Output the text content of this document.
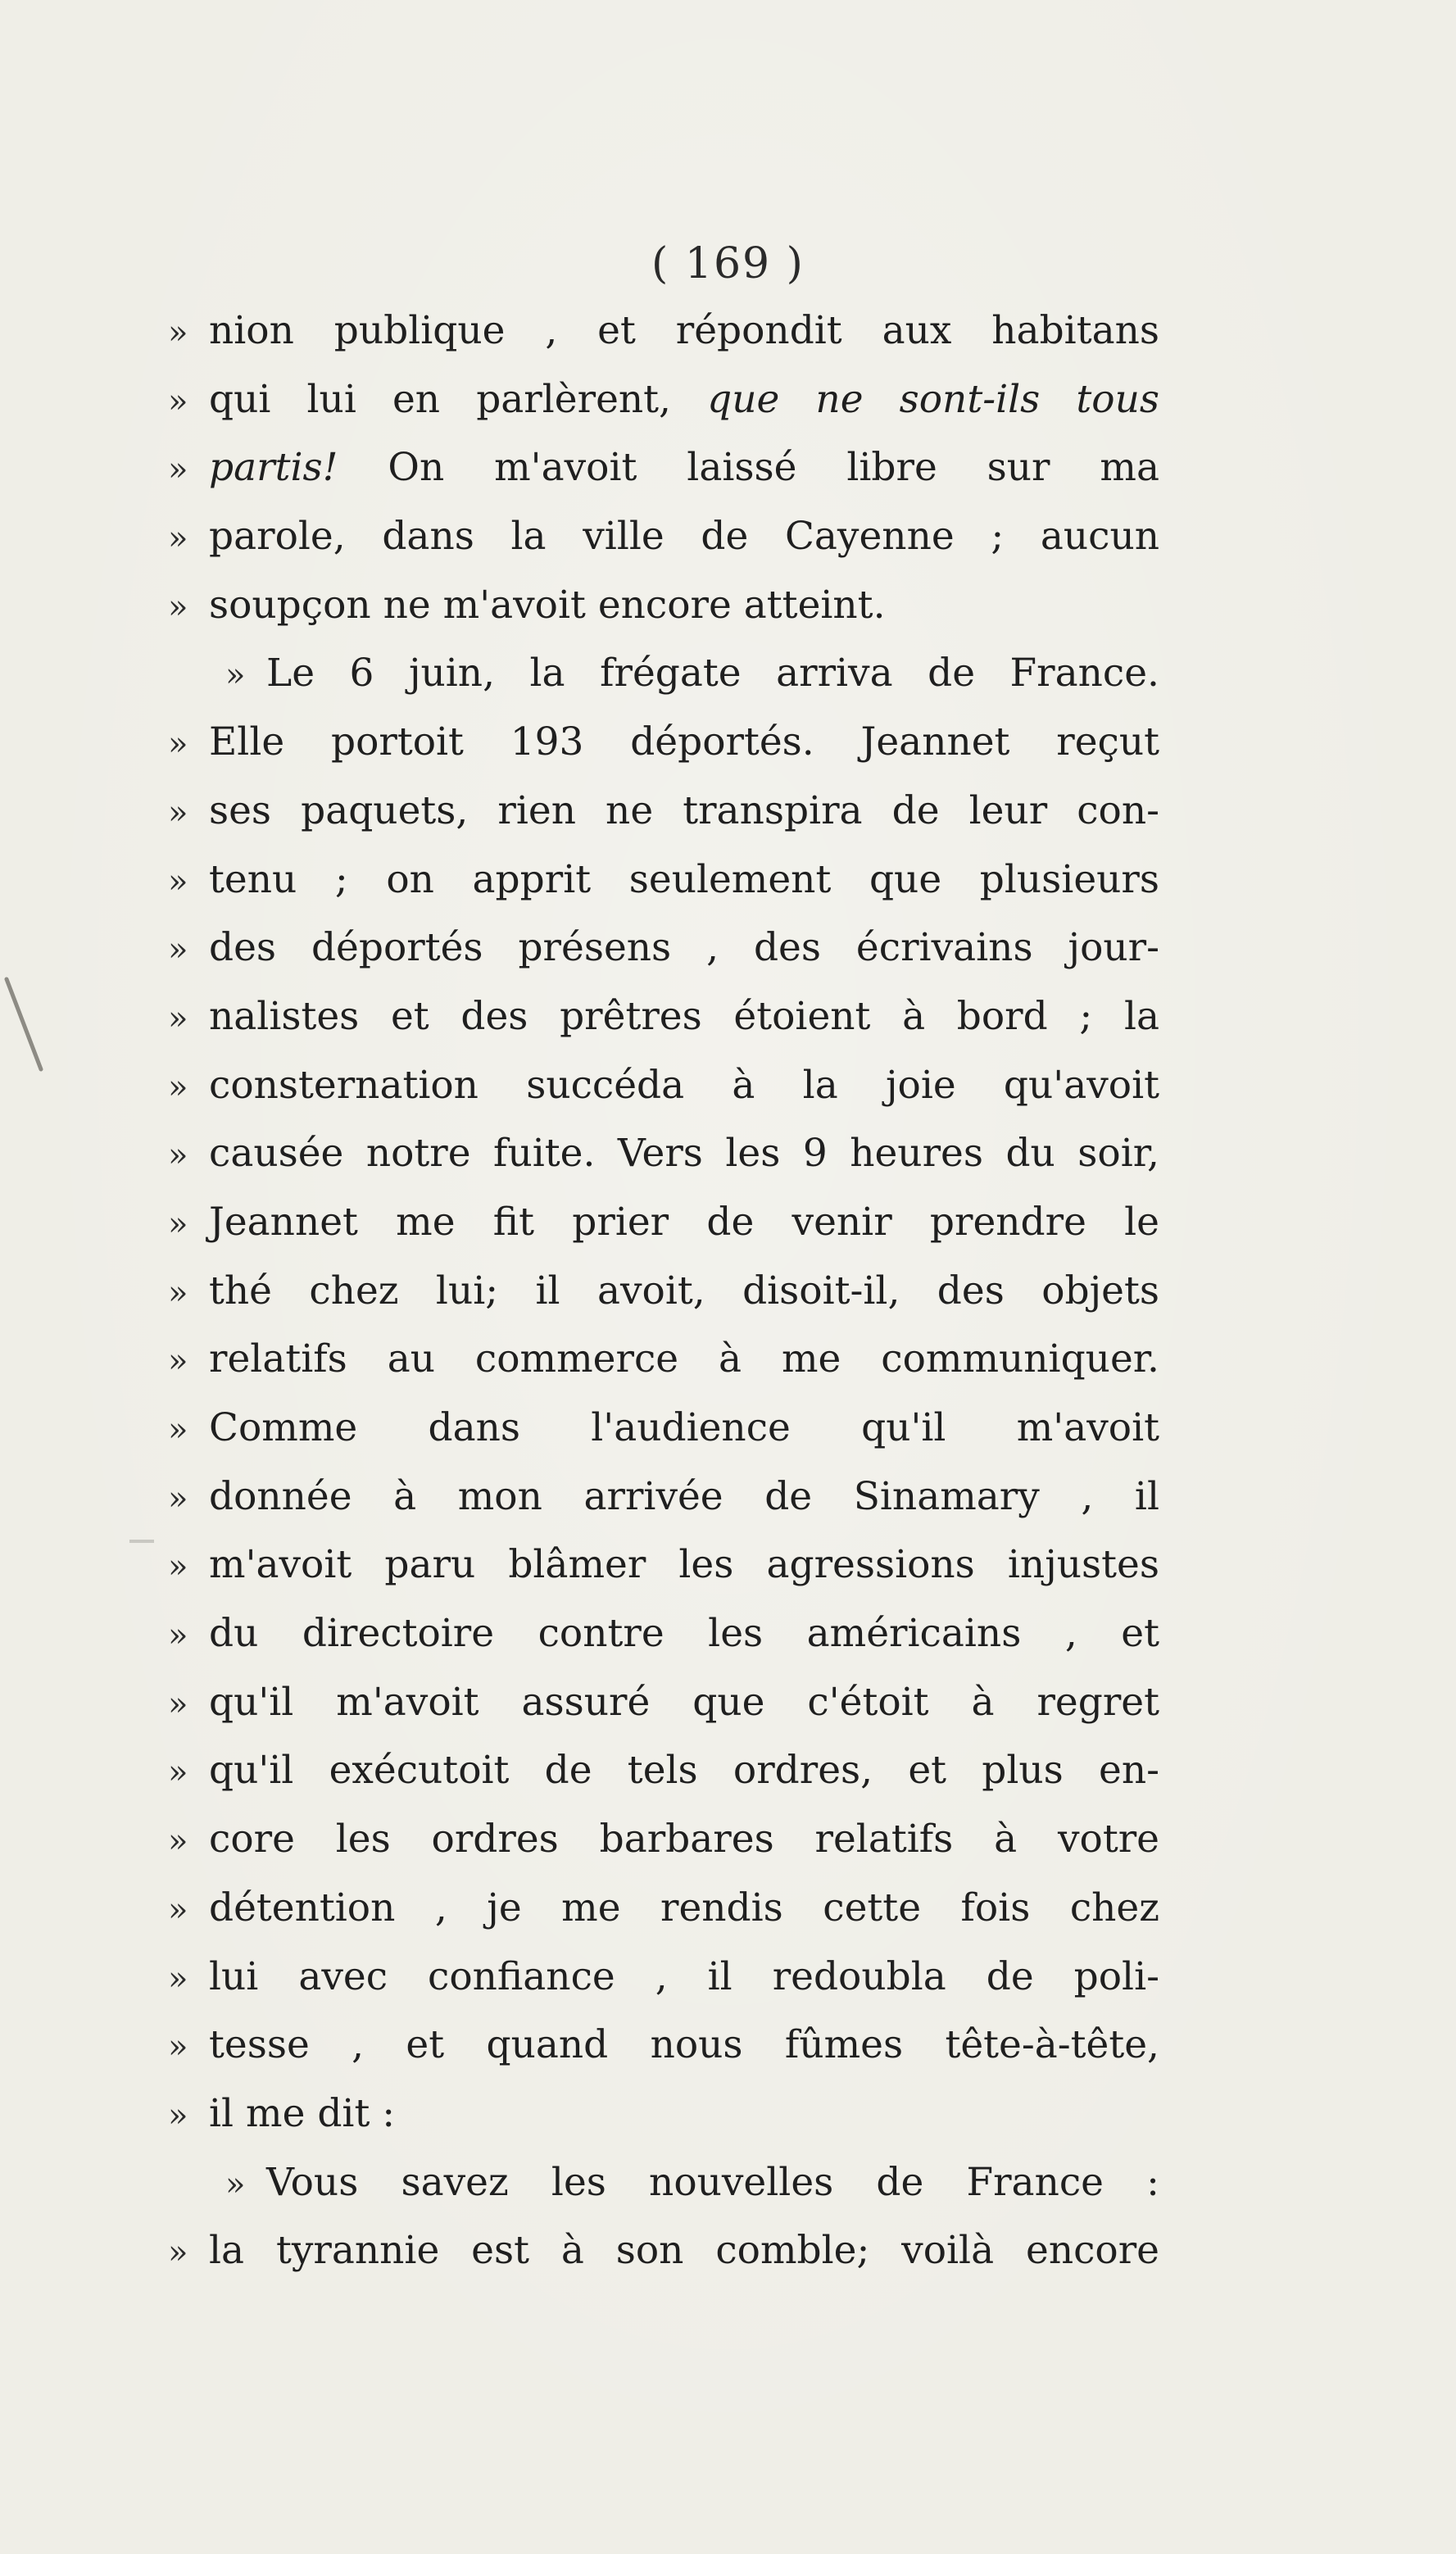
( 169 )
» nion publique , et répondit aux habitans
» qui lui en parlèrent, que ne sont-ils tous
» partis! On m'avoit laissé libre sur ma
» parole, dans la ville de Cayenne ; aucun
» soupçon ne m'avoit encore atteint.
» Le 6 juin, la frégate arriva de France.
» Elle portoit 193 déportés. Jeannet reçut
» ses paquets, rien ne transpira de leur con-
» tenu ; on apprit seulement que plusieurs
» des déportés présens , des écrivains jour-
» nalistes et des prêtres étoient à bord ; la
» consternation succéda à la joie qu'avoit
» causée notre fuite. Vers les 9 heures du soir,
» Jeannet me fit prier de venir prendre le
» thé chez lui; il avoit, disoit-il, des objets
» relatifs au commerce à me communiquer.
» Comme dans l'audience qu'il m'avoit
» donnée à mon arrivée de Sinamary , il
» m'avoit paru blâmer les agressions injustes
» du directoire contre les américains , et
» qu'il m'avoit assuré que c'étoit à regret
» qu'il exécutoit de tels ordres, et plus en-
» core les ordres barbares relatifs à votre
» détention , je me rendis cette fois chez
» lui avec confiance , il redoubla de poli-
» tesse , et quand nous fûmes tête-à-tête,
» il me dit :
» Vous savez les nouvelles de France :
» la tyrannie est à son comble; voilà encore
